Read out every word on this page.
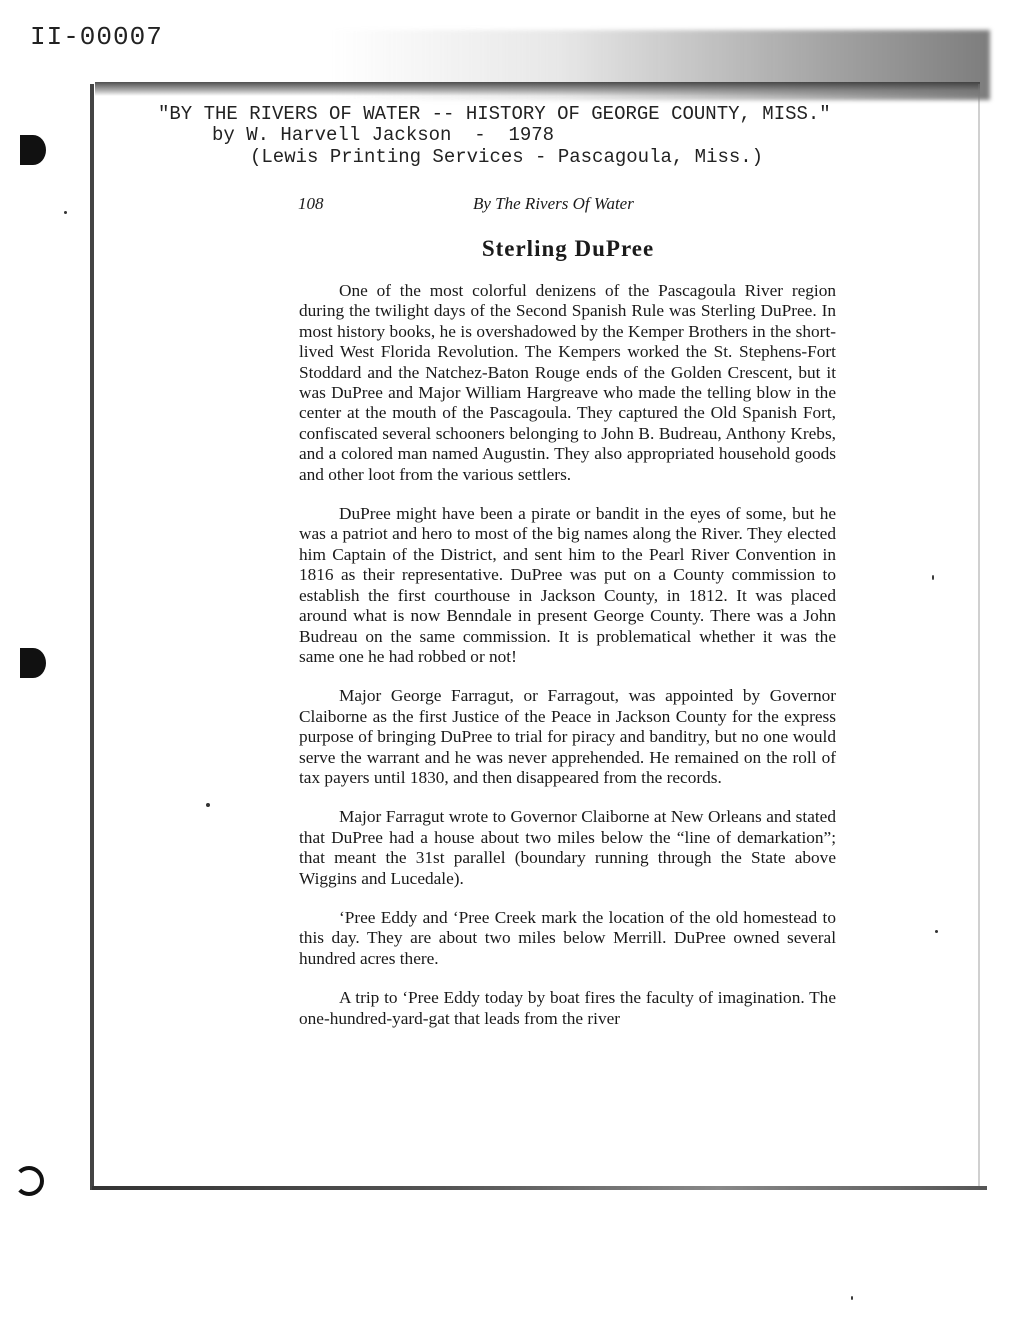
II-00007
"BY THE RIVERS OF WATER -- HISTORY OF GEORGE COUNTY, MISS."
by W. Harvell Jackson  -  1978
(Lewis Printing Services - Pascagoula, Miss.)
108	By The Rivers Of Water
Sterling DuPree

One of the most colorful denizens of the Pascagoula River region during the twilight days of the Second Spanish Rule was Sterling DuPree. In most history books, he is overshadowed by the Kemper Brothers in the short-lived West Florida Revolution. The Kempers worked the St. Stephens-Fort Stoddard and the Natchez-Baton Rouge ends of the Golden Crescent, but it was DuPree and Major William Hargreave who made the telling blow in the center at the mouth of the Pascagoula. They captured the Old Spanish Fort, confiscated several schooners belonging to John B. Budreau, Anthony Krebs, and a colored man named Augustin. They also appropriated household goods and other loot from the various settlers.

DuPree might have been a pirate or bandit in the eyes of some, but he was a patriot and hero to most of the big names along the River. They elected him Captain of the District, and sent him to the Pearl River Convention in 1816 as their representative. DuPree was put on a County commission to establish the first courthouse in Jackson County, in 1812. It was placed around what is now Benndale in present George County. There was a John Budreau on the same commission. It is problematical whether it was the same one he had robbed or not!

Major George Farragut, or Farragout, was appointed by Governor Claiborne as the first Justice of the Peace in Jackson County for the express purpose of bringing DuPree to trial for piracy and banditry, but no one would serve the warrant and he was never apprehended. He remained on the roll of tax payers until 1830, and then disappeared from the records.

Major Farragut wrote to Governor Claiborne at New Orleans and stated that DuPree had a house about two miles below the “line of demarkation”; that meant the 31st parallel (boundary running through the State above Wiggins and Lucedale).

‘Pree Eddy and ‘Pree Creek mark the location of the old homestead to this day. They are about two miles below Merrill. DuPree owned several hundred acres there.

A trip to ‘Pree Eddy today by boat fires the faculty of imagination. The one-hundred-yard-gat that leads from the river
